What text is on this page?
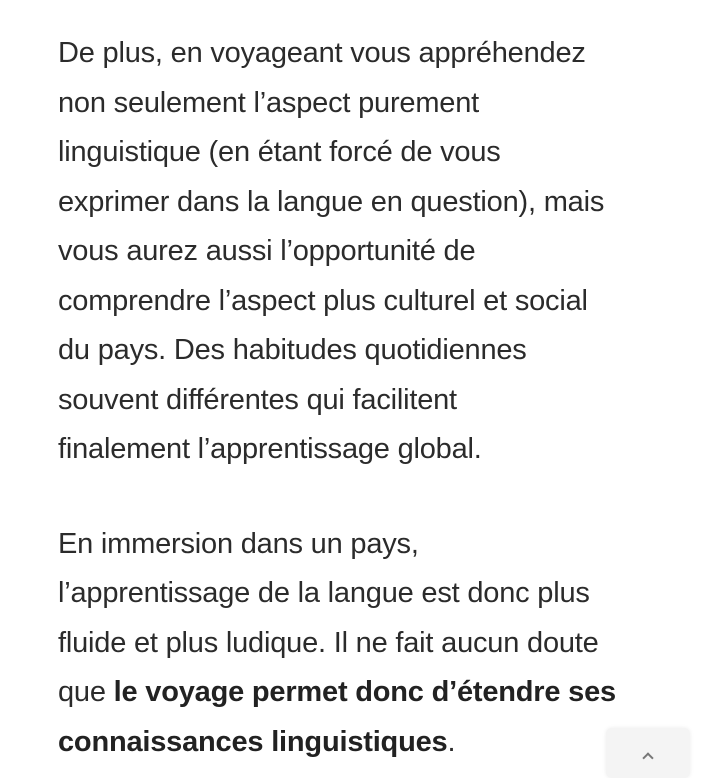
De plus, en voyageant vous appréhendez
non seulement l’aspect purement
linguistique (en étant forcé de vous
exprimer dans la langue en question), mais
vous aurez aussi l’opportunité de
comprendre l’aspect plus culturel et social
du pays. Des habitudes quotidiennes
souvent différentes qui facilitent
finalement l’apprentissage global.

En immersion dans un pays,
l’apprentissage de la langue est donc plus
fluide et plus ludique. Il ne fait aucun doute
que le voyage permet donc d’étendre ses
connaissances linguistiques.
